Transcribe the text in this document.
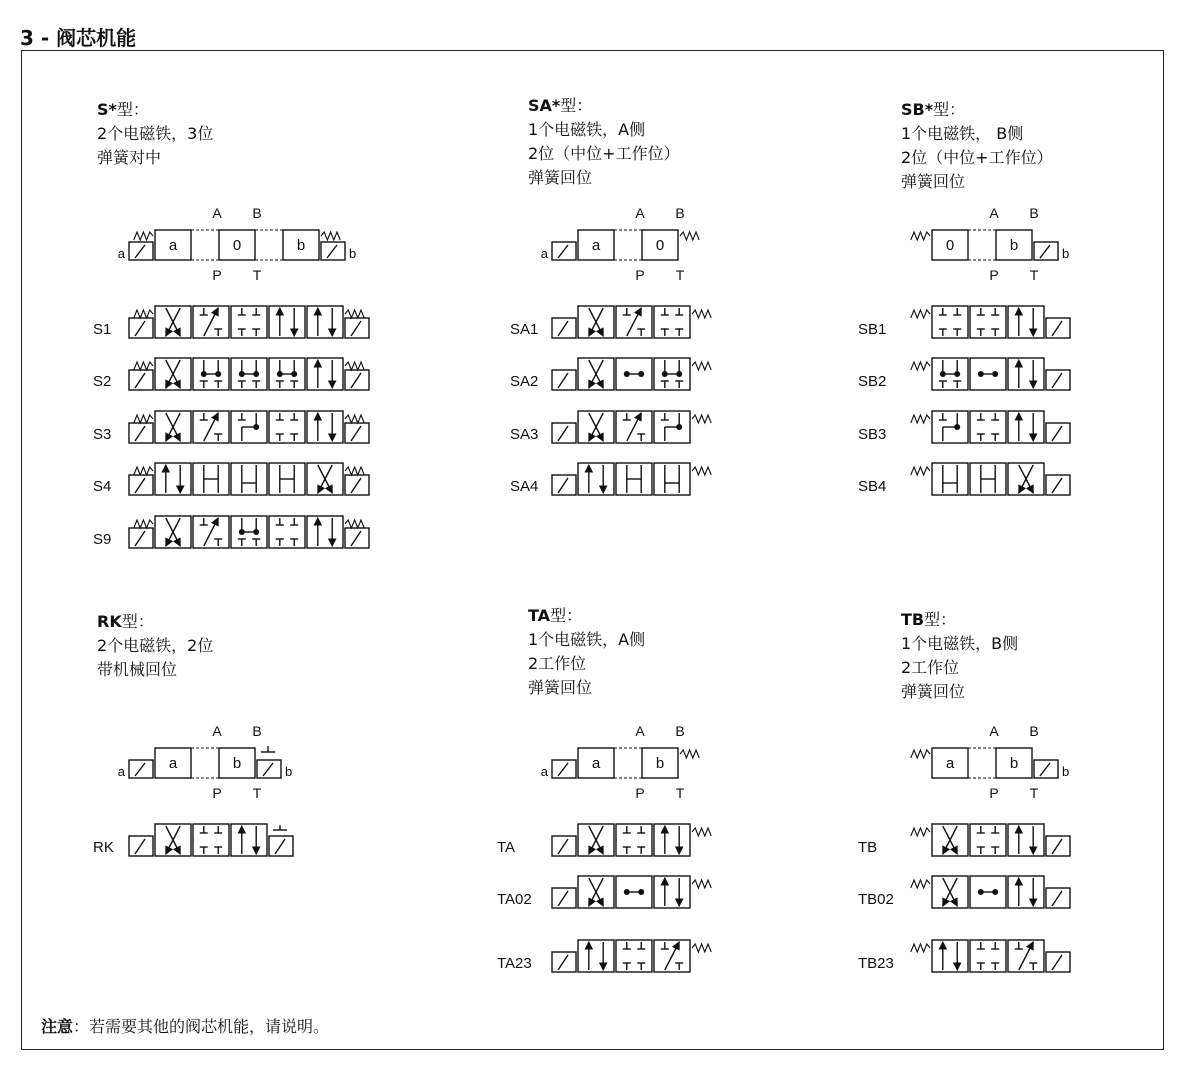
3 - 阀芯机能
S*型：
2个电磁铁，3位
弹簧对中
SA*型：
1个电磁铁，A侧
2位（中位+工作位）
弹簧回位
SB*型：
1个电磁铁， B侧
2位（中位+工作位）
弹簧回位
RK型：
2个电磁铁，2位
带机械回位
TA型：
1个电磁铁，A侧
2工作位
弹簧回位
TB型：
1个电磁铁，B侧
2工作位
弹簧回位
注意：若需要其他的阀芯机能，请说明。
a	a	0	b	b
A B
P T
S1
S2
S3
S4
S9
a	a	0
A B
P T
SA1
SA2
SA3
SA4
0	b	b
A B
P T
SB1
SB2
SB3
SB4
a	a	b	b
A B
P T
RK
a	a	b
A B
P T
TA
TA02
TA23
a	b	b
A B
P T
TB
TB02
TB23
